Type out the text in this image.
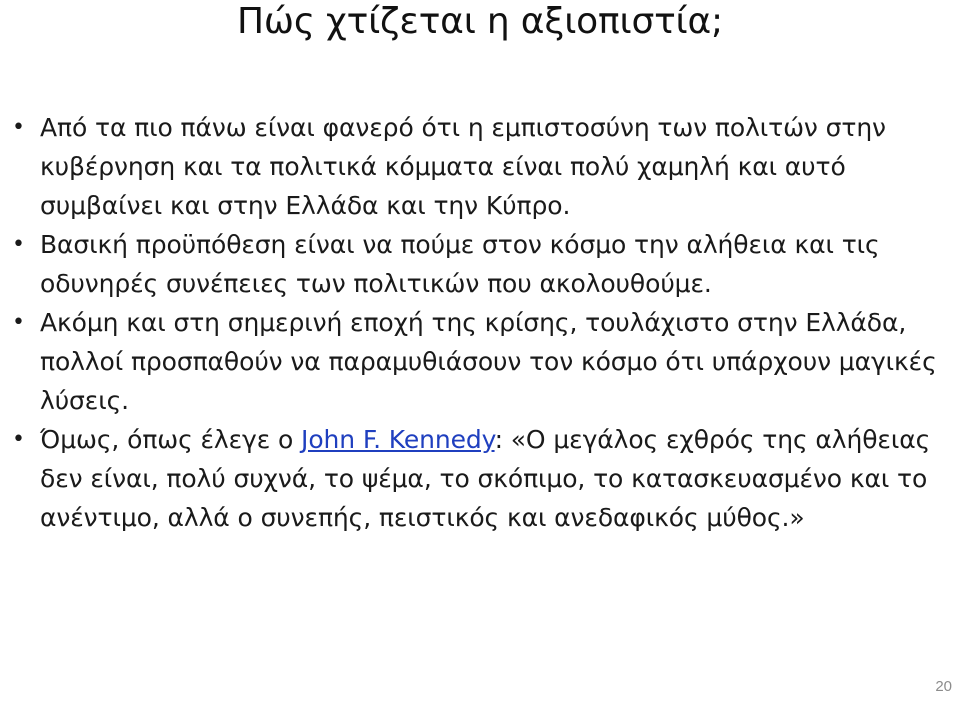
Πώς χτίζεται η αξιοπιστία;
• Από τα πιο πάνω είναι φανερό ότι η εμπιστοσύνη των πολιτών στην κυβέρνηση και τα πολιτικά κόμματα είναι πολύ χαμηλή και αυτό συμβαίνει και στην Ελλάδα και την Κύπρο.
• Βασική προϋπόθεση είναι να πούμε στον κόσμο την αλήθεια και τις οδυνηρές συνέπειες των πολιτικών που ακολουθούμε.
• Ακόμη και στη σημερινή εποχή της κρίσης, τουλάχιστο στην Ελλάδα, πολλοί προσπαθούν να παραμυθιάσουν τον κόσμο ότι υπάρχουν μαγικές λύσεις.
• Όμως, όπως έλεγε ο John F. Kennedy: «Ο μεγάλος εχθρός της αλήθειας δεν είναι, πολύ συχνά, το ψέμα, το σκόπιμο, το κατασκευασμένο και το ανέντιμο, αλλά ο συνεπής, πειστικός και ανεδαφικός μύθος.»
20
